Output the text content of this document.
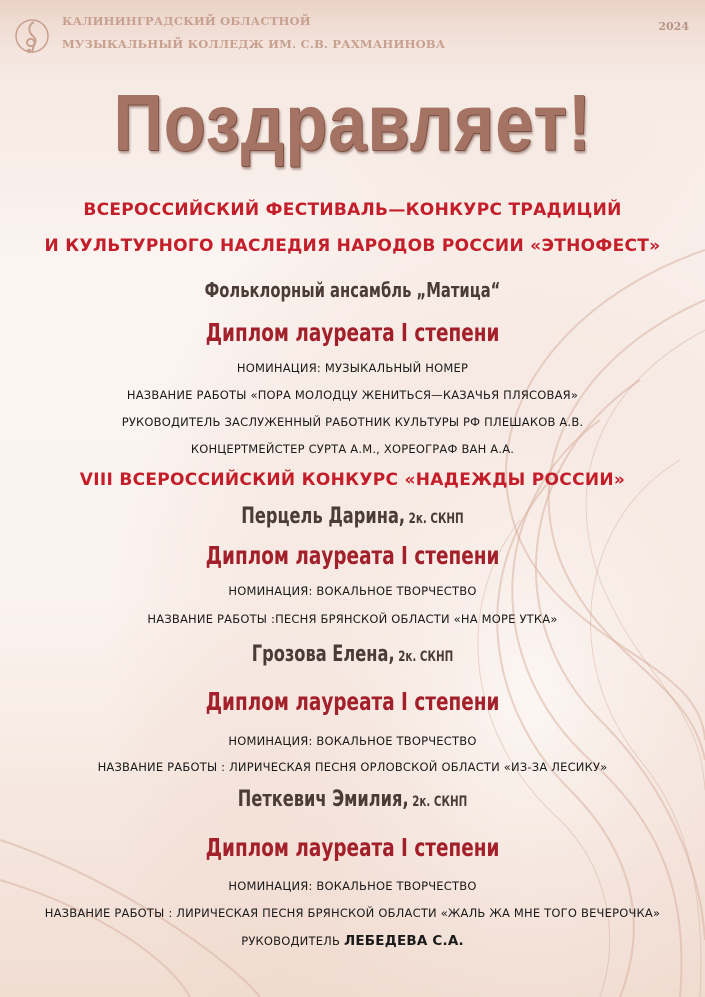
КАЛИНИНГРАДСКИЙ ОБЛАСТНОЙ
МУЗЫКАЛЬНЫЙ КОЛЛЕДЖ ИМ. С.В. РАХМАНИНОВА
2024
Поздравляет!
ВСЕРОССИЙСКИЙ ФЕСТИВАЛЬ—КОНКУРС ТРАДИЦИЙ
И КУЛЬТУРНОГО НАСЛЕДИЯ НАРОДОВ РОССИИ «ЭТНОФЕСТ»
Фольклорный ансамбль „Матица“
Диплом лауреата I степени
НОМИНАЦИЯ: МУЗЫКАЛЬНЫЙ НОМЕР
НАЗВАНИЕ РАБОТЫ «ПОРА МОЛОДЦУ ЖЕНИТЬСЯ—КАЗАЧЬЯ ПЛЯСОВАЯ»
РУКОВОДИТЕЛЬ ЗАСЛУЖЕННЫЙ РАБОТНИК КУЛЬТУРЫ РФ ПЛЕШАКОВ А.В.
КОНЦЕРТМЕЙСТЕР СУРТА А.М., ХОРЕОГРАФ ВАН А.А.
VIII ВСЕРОССИЙСКИЙ КОНКУРС «НАДЕЖДЫ РОССИИ»
Перцель Дарина, 2к. СКНП
Диплом лауреата I степени
НОМИНАЦИЯ: ВОКАЛЬНОЕ ТВОРЧЕСТВО
НАЗВАНИЕ РАБОТЫ :ПЕСНЯ БРЯНСКОЙ ОБЛАСТИ «НА МОРЕ УТКА»
Грозова Елена, 2к. СКНП
Диплом лауреата I степени
НОМИНАЦИЯ: ВОКАЛЬНОЕ ТВОРЧЕСТВО
НАЗВАНИЕ РАБОТЫ : ЛИРИЧЕСКАЯ ПЕСНЯ ОРЛОВСКОЙ ОБЛАСТИ «ИЗ-ЗА ЛЕСИКУ»
Петкевич Эмилия, 2к. СКНП
Диплом лауреата I степени
НОМИНАЦИЯ: ВОКАЛЬНОЕ ТВОРЧЕСТВО
НАЗВАНИЕ РАБОТЫ : ЛИРИЧЕСКАЯ ПЕСНЯ БРЯНСКОЙ ОБЛАСТИ «ЖАЛЬ ЖА МНЕ ТОГО ВЕЧЕРОЧКА»
РУКОВОДИТЕЛЬ ЛЕБЕДЕВА С.А.
